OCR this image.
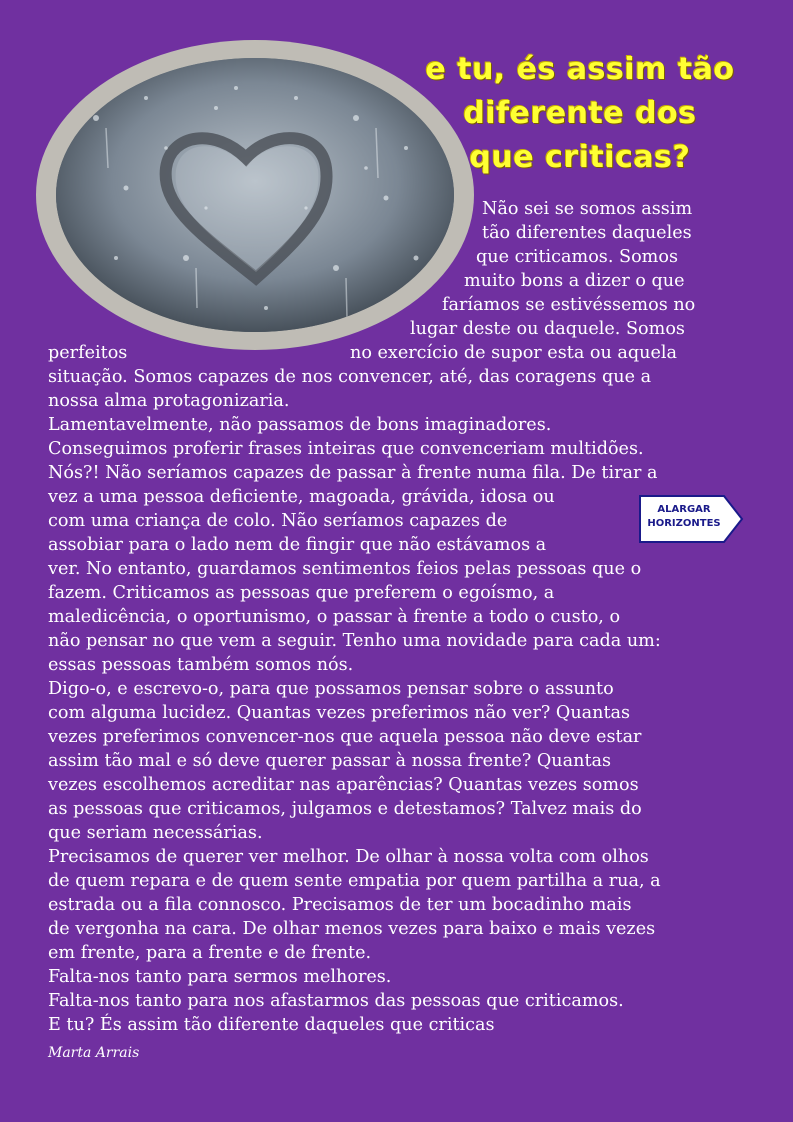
e tu, és assim tão
diferente dos
que criticas?
Não sei se somos assim
tão diferentes daqueles
que criticamos. Somos
muito bons a dizer o que
faríamos se estivéssemos no
lugar deste ou daquele. Somos
perfeitos	no exercício de supor esta ou aquela
situação. Somos capazes de nos convencer, até, das coragens que a
nossa alma protagonizaria.
Lamentavelmente, não passamos de bons imaginadores.
Conseguimos proferir frases inteiras que convenceriam multidões.
Nós?! Não seríamos capazes de passar à frente numa fila. De tirar a
vez a uma pessoa deficiente, magoada, grávida, idosa ou
com uma criança de colo. Não seríamos capazes de
assobiar para o lado nem de fingir que não estávamos a
ver. No entanto, guardamos sentimentos feios pelas pessoas que o
fazem. Criticamos as pessoas que preferem o egoísmo, a
maledicência, o oportunismo, o passar à frente a todo o custo, o
não pensar no que vem a seguir. Tenho uma novidade para cada um:
essas pessoas também somos nós.
Digo-o, e escrevo-o, para que possamos pensar sobre o assunto
com alguma lucidez. Quantas vezes preferimos não ver? Quantas
vezes preferimos convencer-nos que aquela pessoa não deve estar
assim tão mal e só deve querer passar à nossa frente? Quantas
vezes escolhemos acreditar nas aparências? Quantas vezes somos
as pessoas que criticamos, julgamos e detestamos? Talvez mais do
que seriam necessárias.
Precisamos de querer ver melhor. De olhar à nossa volta com olhos
de quem repara e de quem sente empatia por quem partilha a rua, a
estrada ou a fila connosco. Precisamos de ter um bocadinho mais
de vergonha na cara. De olhar menos vezes para baixo e mais vezes
em frente, para a frente e de frente.
Falta-nos tanto para sermos melhores.
Falta-nos tanto para nos afastarmos das pessoas que criticamos.
E tu? És assim tão diferente daqueles que criticas
Marta Arrais
ALARGAR
HORIZONTES
